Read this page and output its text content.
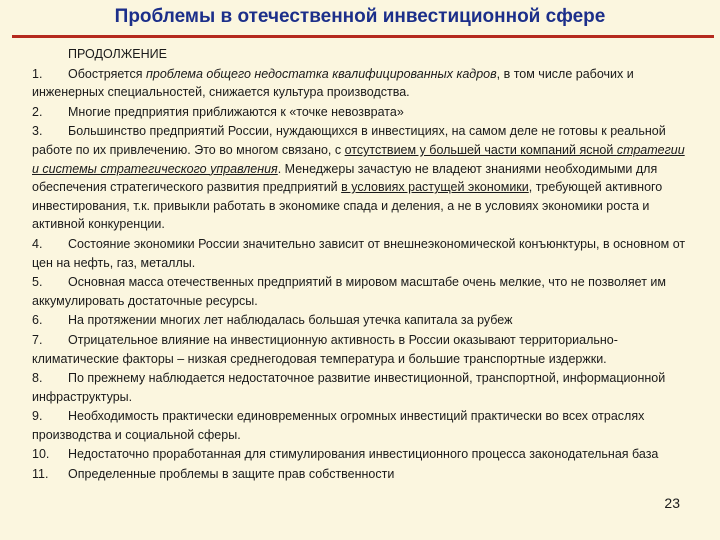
Проблемы в отечественной инвестиционной сфере
ПРОДОЛЖЕНИЕ
1. Обостряется проблема общего недостатка квалифицированных кадров, в том числе рабочих и инженерных специальностей, снижается культура производства.
2. Многие предприятия приближаются к «точке невозврата»
3. Большинство предприятий России, нуждающихся в инвестициях, на самом деле не готовы к реальной работе по их привлечению. Это во многом связано, с отсутствием у большей части компаний ясной стратегии и системы стратегического управления. Менеджеры зачастую не владеют знаниями необходимыми для обеспечения стратегического развития предприятий в условиях растущей экономики, требующей активного инвестирования, т.к. привыкли работать в экономике спада и деления, а не в условиях экономики роста и активной конкуренции.
4. Состояние экономики России значительно зависит от внешнеэкономической конъюнктуры, в основном от цен на нефть, газ, металлы.
5. Основная масса отечественных предприятий в мировом масштабе очень мелкие, что не позволяет им аккумулировать достаточные ресурсы.
6. На протяжении многих лет наблюдалась большая утечка капитала за рубеж
7. Отрицательное влияние на инвестиционную активность в России оказывают территориально-климатические факторы – низкая среднегодовая температура и большие транспортные издержки.
8. По прежнему наблюдается недостаточное развитие инвестиционной, транспортной, информационной инфраструктуры.
9. Необходимость практически единовременных огромных инвестиций практически во всех отраслях производства и социальной сферы.
10. Недостаточно проработанная для стимулирования инвестиционного процесса законодательная база
11. Определенные проблемы в защите прав собственности
23
